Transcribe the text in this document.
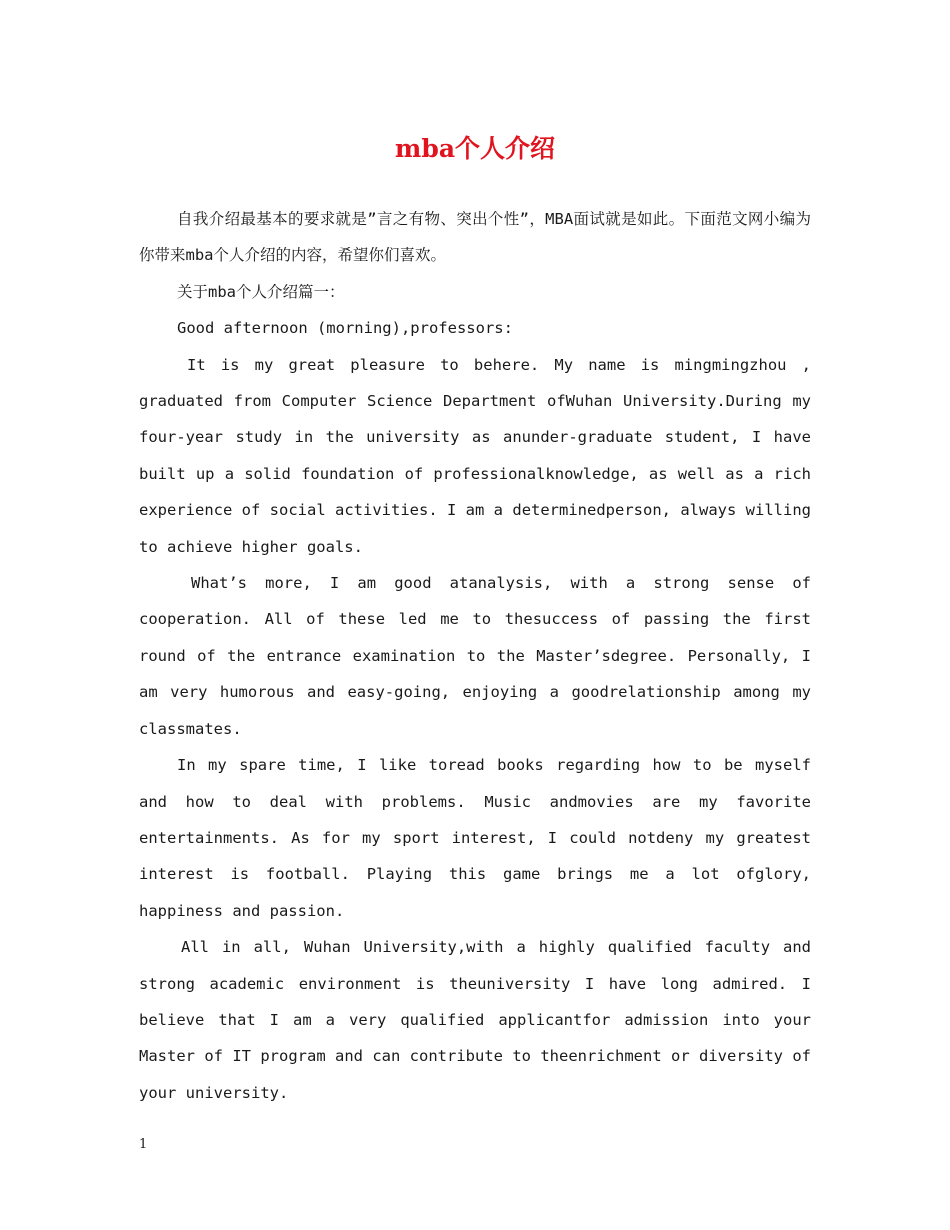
mba个人介绍

自我介绍最基本的要求就是”言之有物、突出个性”，MBA面试就是如此。下面范文网小编为你带来mba个人介绍的内容，希望你们喜欢。

关于mba个人介绍篇一：

Good afternoon (morning),professors:

It is my great pleasure to behere. My name is mingmingzhou , graduated from Computer Science Department ofWuhan University.During my four-year study in the university as anunder-graduate student, I have built up a solid foundation of professionalknowledge, as well as a rich experience of social activities. I am a determinedperson, always willing to achieve higher goals.

What’s more, I am good atanalysis, with a strong sense of cooperation. All of these led me to thesuccess of passing the first round of the entrance examination to the Master’sdegree. Personally, I am very humorous and easy-going, enjoying a goodrelationship among my classmates.

In my spare time, I like toread books regarding how to be myself and how to deal with problems. Music andmovies are my favorite entertainments. As for my sport interest, I could notdeny my greatest interest is football. Playing this game brings me a lot ofglory, happiness and passion.

All in all, Wuhan University,with a highly qualified faculty and strong academic environment is theuniversity I have long admired. I believe that I am a very qualified applicantfor admission into your Master of IT program and can contribute to theenrichment or diversity of your university.

1
